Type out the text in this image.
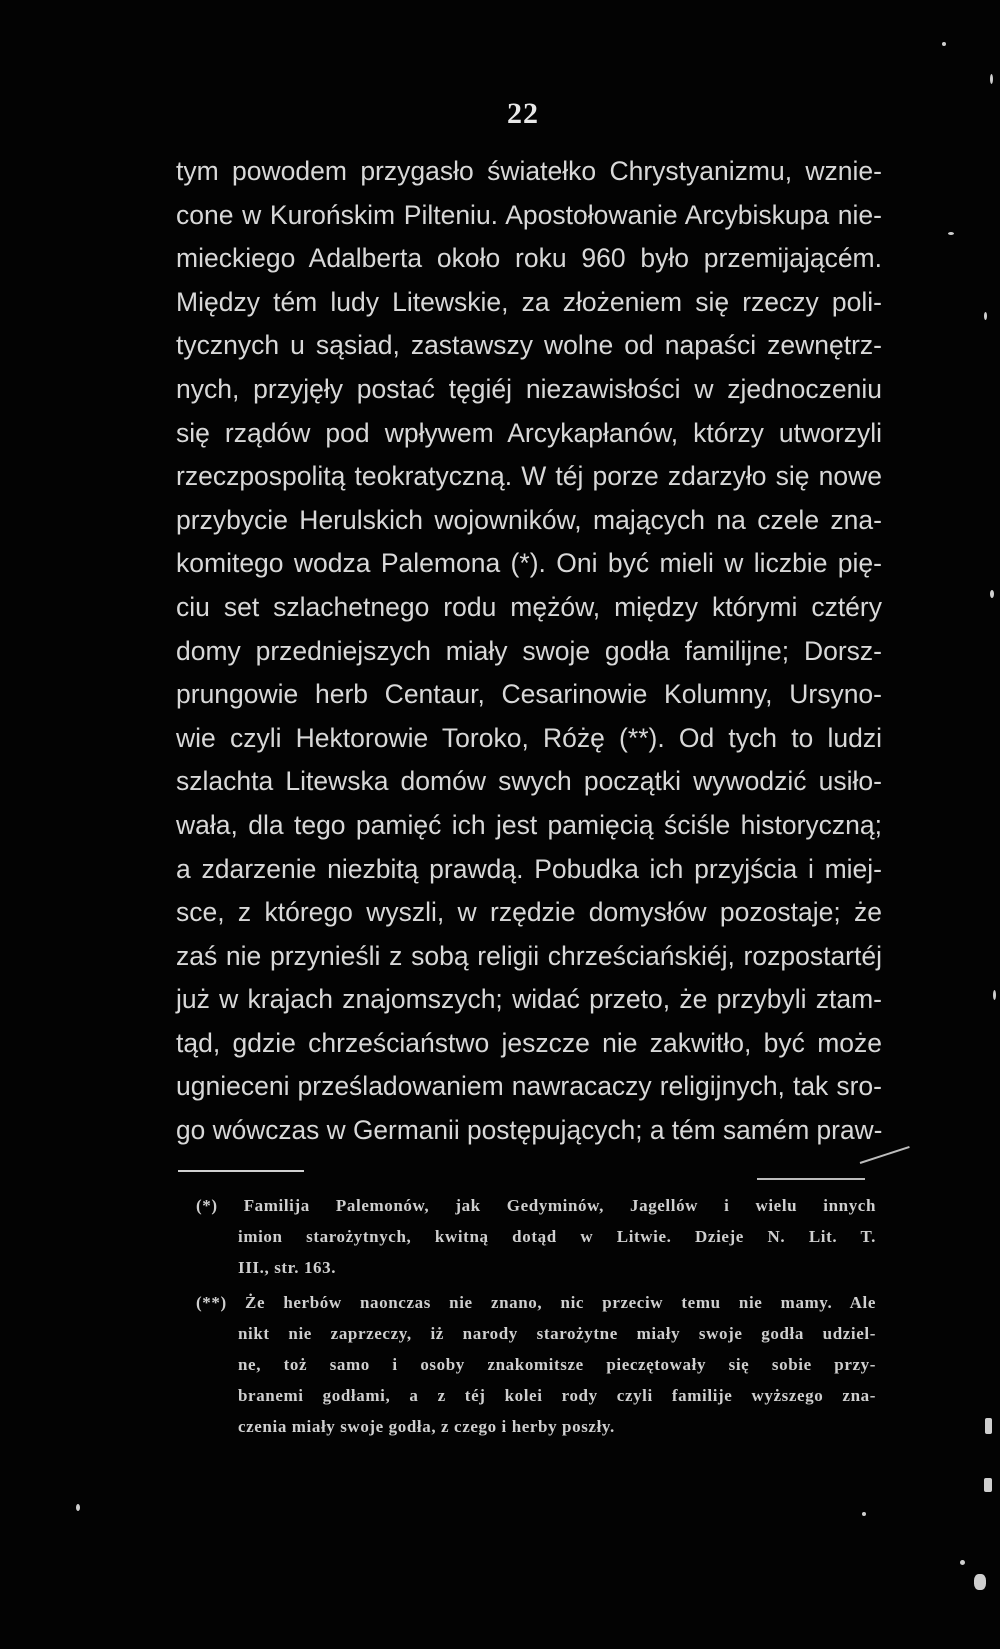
22
tym powodem przygasło światełko Chrystyanizmu, wznie-
cone w Kurońskim Pilteniu. Apostołowanie Arcybiskupa nie-
mieckiego Adalberta około roku 960 było przemijającém.
Między tém ludy Litewskie, za złożeniem się rzeczy poli-
tycznych u sąsiad, zastawszy wolne od napaści zewnętrz-
nych, przyjęły postać tęgiéj niezawisłości w zjednoczeniu
się rządów pod wpływem Arcykapłanów, którzy utworzyli
rzeczpospolitą teokratyczną. W téj porze zdarzyło się nowe
przybycie Herulskich wojowników, mających na czele zna-
komitego wodza Palemona (*). Oni być mieli w liczbie pię-
ciu set szlachetnego rodu mężów, między którymi cztéry
domy przedniejszych miały swoje godła familijne; Dorsz-
prungowie herb Centaur, Cesarinowie Kolumny, Ursyno-
wie czyli Hektorowie Toroko, Różę (**). Od tych to ludzi
szlachta Litewska domów swych początki wywodzić usiło-
wała, dla tego pamięć ich jest pamięcią ściśle historyczną;
a zdarzenie niezbitą prawdą. Pobudka ich przyjścia i miej-
sce, z którego wyszli, w rzędzie domysłów pozostaje; że
zaś nie przynieśli z sobą religii chrześciańskiéj, rozpostartéj
już w krajach znajomszych; widać przeto, że przybyli ztam-
tąd, gdzie chrześciaństwo jeszcze nie zakwitło, być może
ugnieceni prześladowaniem nawracaczy religijnych, tak sro-
go wówczas w Germanii postępujących; a tém samém praw-
(*) Familija Palemonów, jak Gedyminów, Jagellów i wielu innych
imion starożytnych, kwitną dotąd w Litwie. Dzieje N. Lit. T.
III., str. 163.
(**) Że herbów naonczas nie znano, nic przeciw temu nie mamy. Ale
nikt nie zaprzeczy, iż narody starożytne miały swoje godła udziel-
ne, toż samo i osoby znakomitsze pieczętowały się sobie przy-
branemi godłami, a z téj kolei rody czyli familije wyższego zna-
czenia miały swoje godła, z czego i herby poszły.
